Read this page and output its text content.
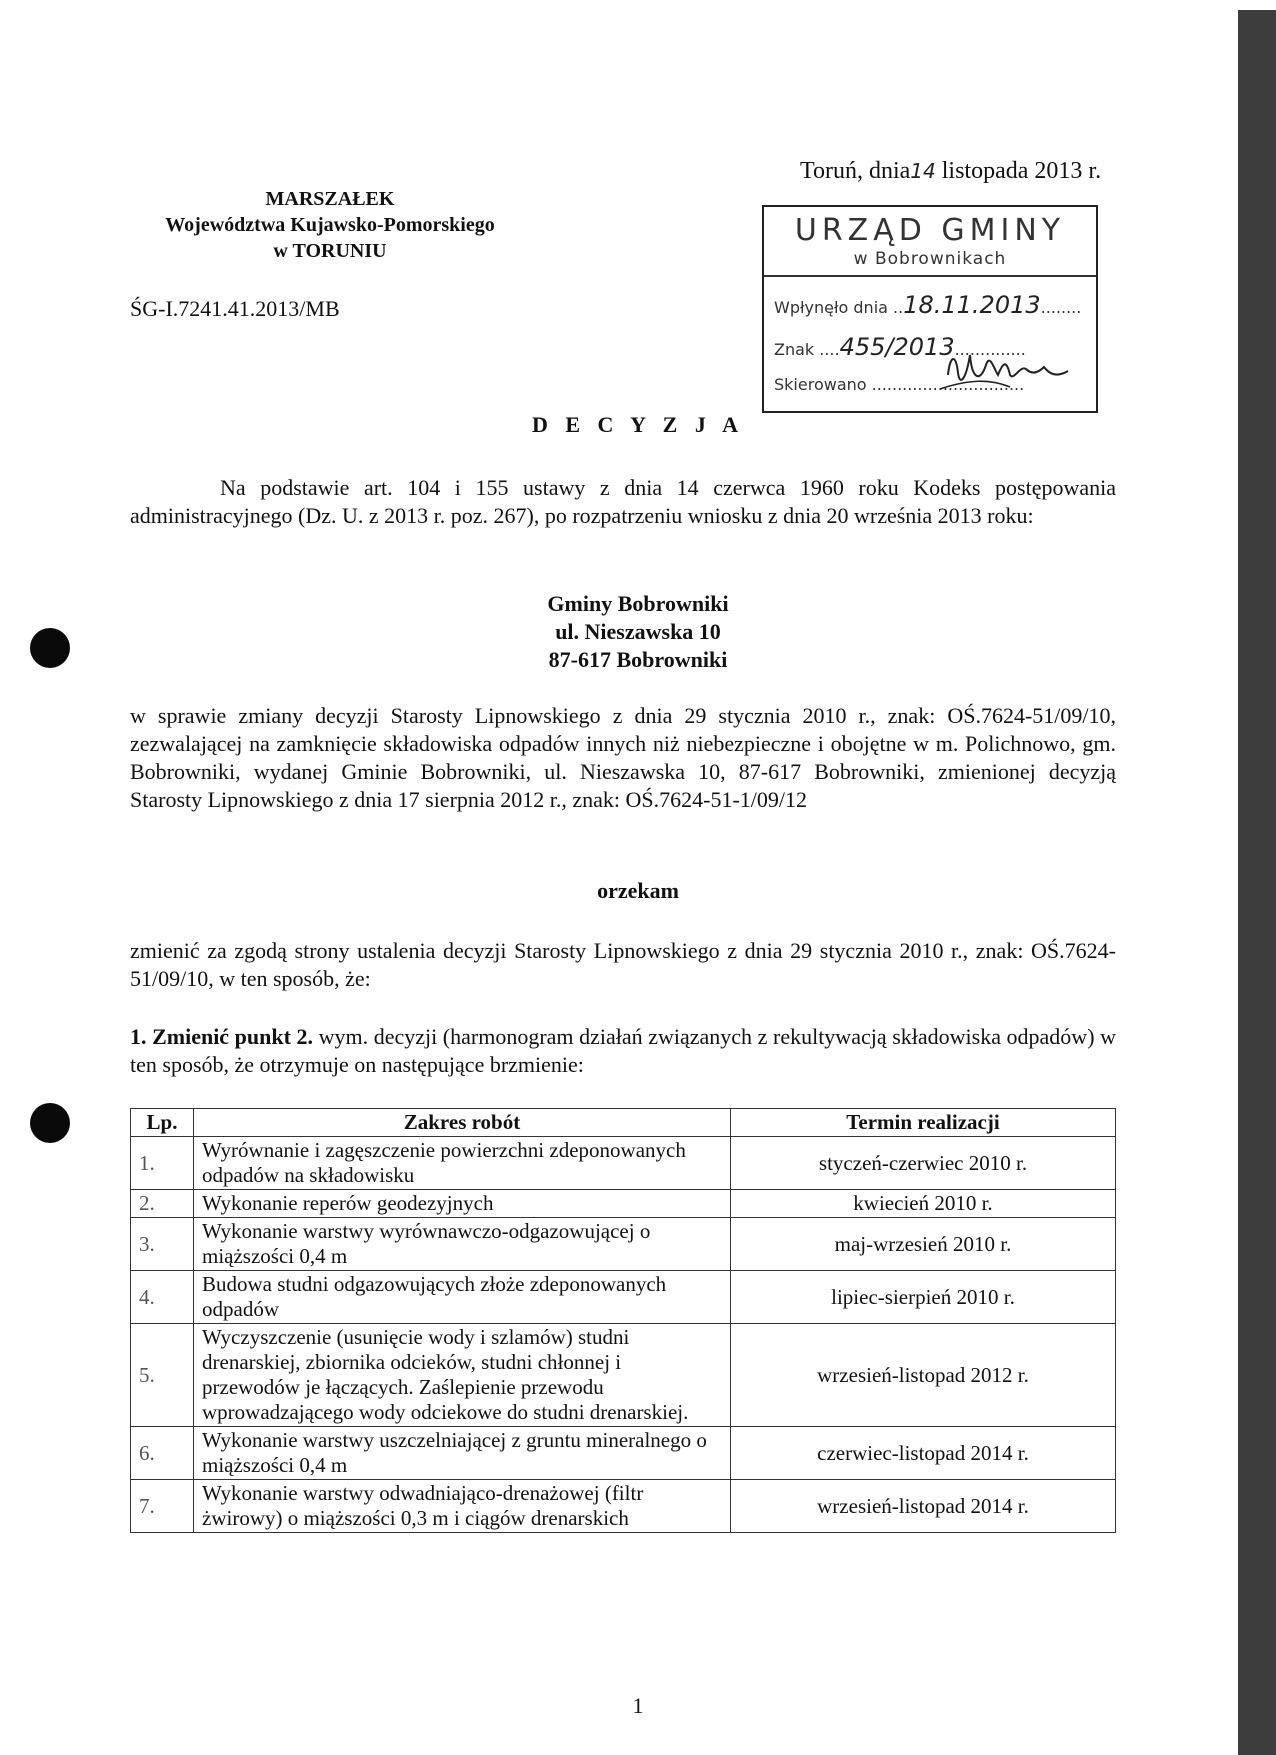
MARSZAŁEK
Województwa Kujawsko-Pomorskiego
w TORUNIU
Toruń, dnia14 listopada 2013 r.
ŚG-I.7241.41.2013/MB
URZĄD GMINY
w Bobrownikach
Wpłynęło dnia ..18.11.2013........
Znak ....455/2013..............
Skierowano ..............................
D E C Y Z J A
Na podstawie art. 104 i 155 ustawy z dnia 14 czerwca 1960 roku Kodeks postępowania administracyjnego (Dz. U. z 2013 r. poz. 267), po rozpatrzeniu wniosku z dnia 20 września 2013 roku:
Gminy Bobrowniki
ul. Nieszawska 10
87-617 Bobrowniki
w sprawie zmiany decyzji Starosty Lipnowskiego z dnia 29 stycznia 2010 r., znak: OŚ.7624-51/09/10, zezwalającej na zamknięcie składowiska odpadów innych niż niebezpieczne i obojętne w m. Polichnowo, gm. Bobrowniki, wydanej Gminie Bobrowniki, ul. Nieszawska 10, 87-617 Bobrowniki, zmienionej decyzją Starosty Lipnowskiego z dnia 17 sierpnia 2012 r., znak: OŚ.7624-51-1/09/12
orzekam
zmienić za zgodą strony ustalenia decyzji Starosty Lipnowskiego z dnia 29 stycznia 2010 r., znak: OŚ.7624-51/09/10, w ten sposób, że:
1. Zmienić punkt 2. wym. decyzji (harmonogram działań związanych z rekultywacją składowiska odpadów) w ten sposób, że otrzymuje on następujące brzmienie:
Lp.	Zakres robót	Termin realizacji
1.	Wyrównanie i zagęszczenie powierzchni zdeponowanych odpadów na składowisku	styczeń-czerwiec 2010 r.
2.	Wykonanie reperów geodezyjnych	kwiecień 2010 r.
3.	Wykonanie warstwy wyrównawczo-odgazowującej o miąższości 0,4 m	maj-wrzesień 2010 r.
4.	Budowa studni odgazowujących złoże zdeponowanych odpadów	lipiec-sierpień 2010 r.
5.	Wyczyszczenie (usunięcie wody i szlamów) studni drenarskiej, zbiornika odcieków, studni chłonnej i przewodów je łączących. Zaślepienie przewodu wprowadzającego wody odciekowe do studni drenarskiej.	wrzesień-listopad 2012 r.
6.	Wykonanie warstwy uszczelniającej z gruntu mineralnego o miąższości 0,4 m	czerwiec-listopad 2014 r.
7.	Wykonanie warstwy odwadniająco-drenażowej (filtr żwirowy) o miąższości 0,3 m i ciągów drenarskich	wrzesień-listopad 2014 r.
1
